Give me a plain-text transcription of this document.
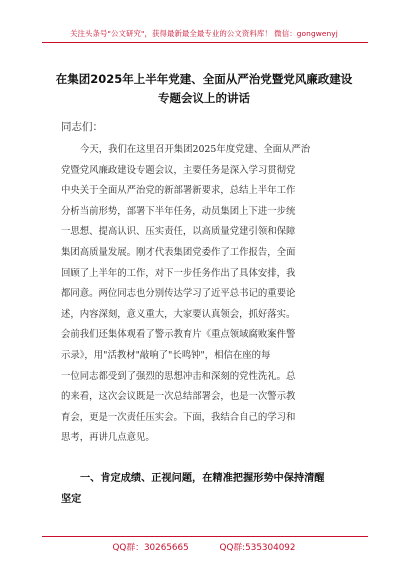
关注头条号"公文研究"，获得最新最全最专业的公文资料库！ 微信：gongwenyj
在集团2025年上半年党建、全面从严治党暨党风廉政建设
专题会议上的讲话
同志们：
今天，我们在这里召开集团2025年度党建、全面从严治
党暨党风廉政建设专题会议，主要任务是深入学习贯彻党
中央关于全面从严治党的新部署新要求，总结上半年工作
分析当前形势，部署下半年任务，动员集团上下进一步统
一思想、提高认识、压实责任，以高质量党建引领和保障
集团高质量发展。刚才代表集团党委作了工作报告，全面
回顾了上半年的工作，对下一步任务作出了具体安排，我
都同意。两位同志也分别传达学习了近平总书记的重要论
述，内容深刻，意义重大，大家要认真领会，抓好落实。
会前我们还集体观看了警示教育片《重点领域腐败案件警
示录》，用"活教材"敲响了"长鸣钟"，相信在座的每
一位同志都受到了强烈的思想冲击和深刻的党性洗礼。总
的来看，这次会议既是一次总结部署会，也是一次警示教
育会，更是一次责任压实会。下面，我结合自己的学习和
思考，再讲几点意见。
一、肯定成绩、正视问题，在精准把握形势中保持清醒
坚定
QQ群：30265665	QQ群:535304092
